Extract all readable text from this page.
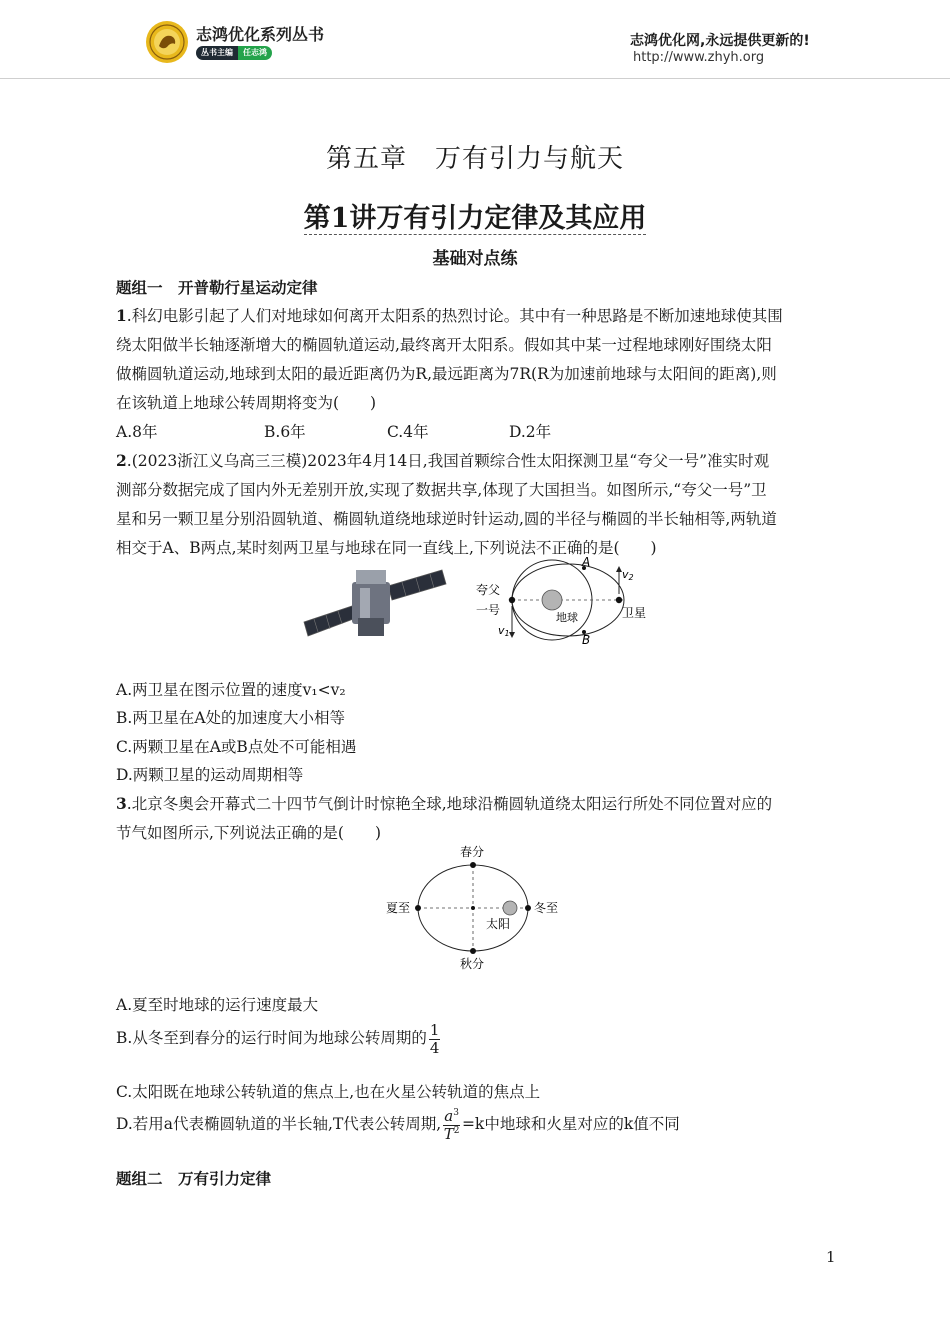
志鸿优化系列丛书
丛书主编	任志鸿
志鸿优化网,永远提供更新的!
http://www.zhyh.org
第五章 万有引力与航天
第1讲万有引力定律及其应用
基础对点练
题组一　开普勒行星运动定律
1.科幻电影引起了人们对地球如何离开太阳系的热烈讨论。其中有一种思路是不断加速地球使其围
绕太阳做半长轴逐渐增大的椭圆轨道运动,最终离开太阳系。假如其中某一过程地球刚好围绕太阳
做椭圆轨道运动,地球到太阳的最近距离仍为R,最远距离为7R(R为加速前地球与太阳间的距离),则
在该轨道上地球公转周期将变为(　　)
A.8年	B.6年	C.4年	D.2年
2.(2023浙江义乌高三三模)2023年4月14日,我国首颗综合性太阳探测卫星“夸父一号”准实时观
测部分数据完成了国内外无差别开放,实现了数据共享,体现了大国担当。如图所示,“夸父一号”卫
星和另一颗卫星分别沿圆轨道、椭圆轨道绕地球逆时针运动,圆的半径与椭圆的半长轴相等,两轨道
相交于A、B两点,某时刻两卫星与地球在同一直线上,下列说法不正确的是(　　)
夸父
一号
地球	卫星
A
B
v1
v2
A.两卫星在图示位置的速度v₁<v₂
B.两卫星在A处的加速度大小相等
C.两颗卫星在A或B点处不可能相遇
D.两颗卫星的运动周期相等
3.北京冬奥会开幕式二十四节气倒计时惊艳全球,地球沿椭圆轨道绕太阳运行所处不同位置对应的
节气如图所示,下列说法正确的是(　　)
春分
秋分
夏至	冬至
太阳
A.夏至时地球的运行速度最大
B.从冬至到春分的运行时间为地球公转周期的 $\frac{1}{4}$
C.太阳既在地球公转轨道的焦点上,也在火星公转轨道的焦点上
D.若用a代表椭圆轨道的半长轴,T代表公转周期, $\frac{a^3}{T^2} =k$中地球和火星对应的k值不同
题组二　万有引力定律
1
